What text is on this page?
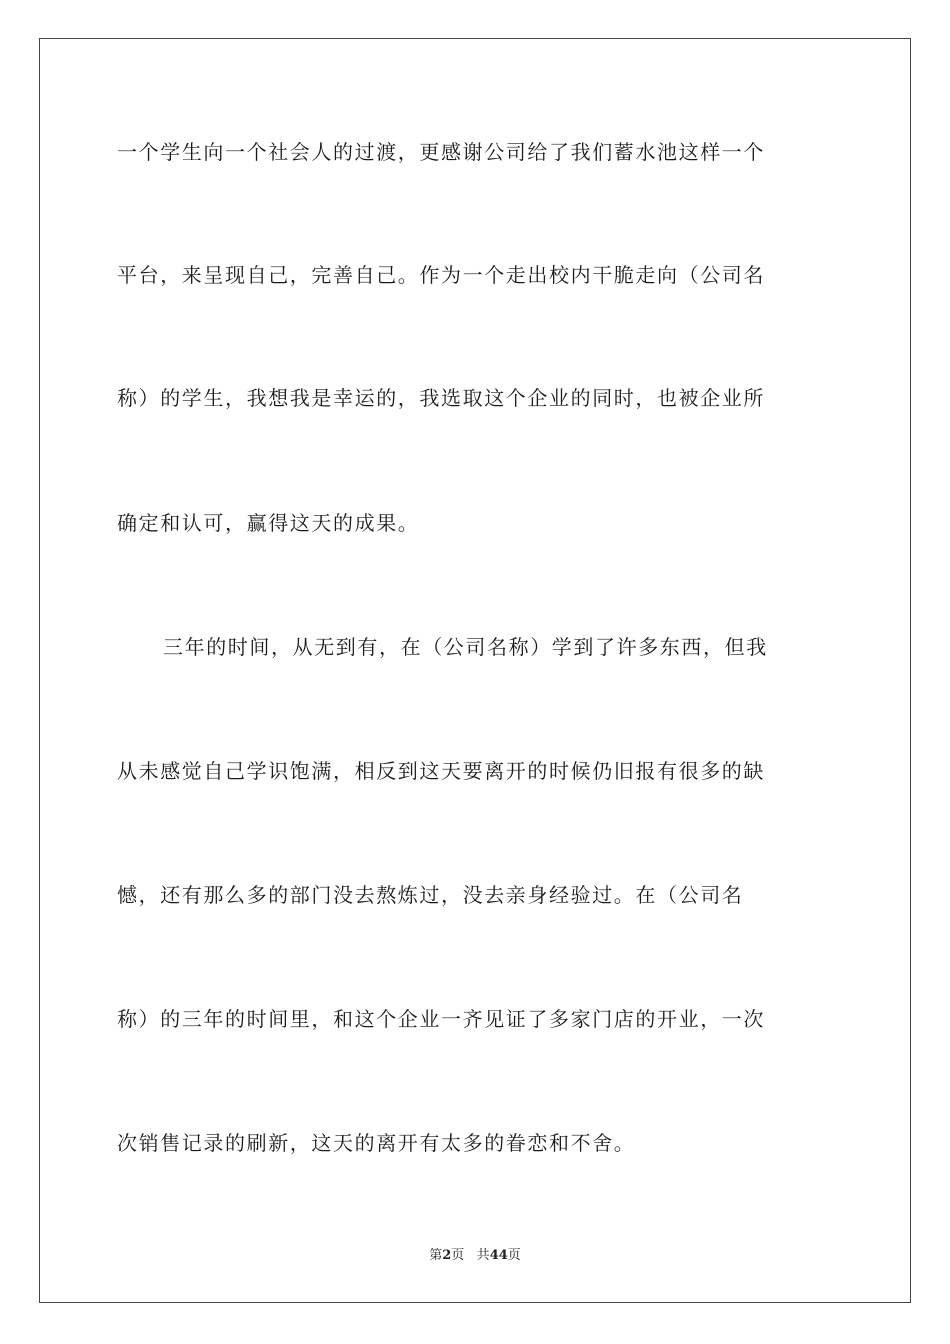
一个学生向一个社会人的过渡，更感谢公司给了我们蓄水池这样一个
平台，来呈现自己，完善自己。作为一个走出校内干脆走向（公司名
称）的学生，我想我是幸运的，我选取这个企业的同时，也被企业所
确定和认可，赢得这天的成果。
三年的时间，从无到有，在（公司名称）学到了许多东西，但我
从未感觉自己学识饱满，相反到这天要离开的时候仍旧报有很多的缺
憾，还有那么多的部门没去熬炼过，没去亲身经验过。在（公司名
称）的三年的时间里，和这个企业一齐见证了多家门店的开业，一次
次销售记录的刷新，这天的离开有太多的眷恋和不舍。
第2页 共44页
